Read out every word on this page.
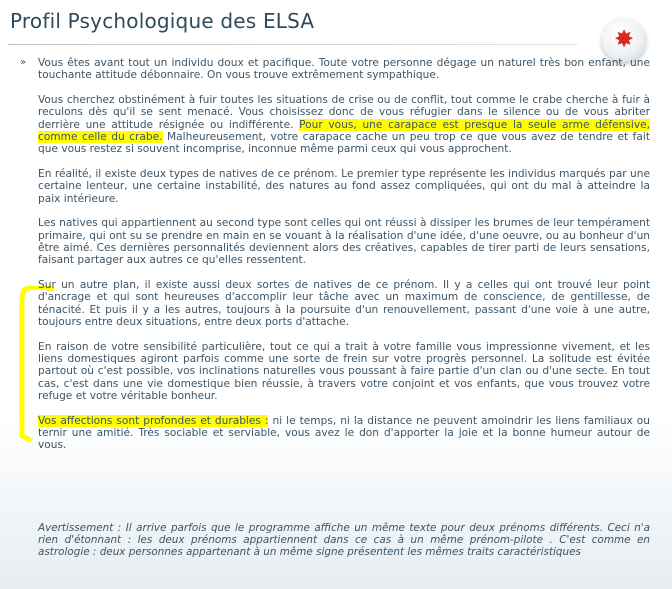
Profil Psychologique des ELSA
✸
»	Vous êtes avant tout un individu doux et pacifique. Toute votre personne dégage un naturel très bon enfant, une touchante attitude débonnaire. On vous trouve extrêmement sympathique.

Vous cherchez obstinément à fuir toutes les situations de crise ou de conflit, tout comme le crabe cherche à fuir à reculons dès qu'il se sent menacé. Vous choisissez donc de vous réfugier dans le silence ou de vous abriter derrière une attitude résignée ou indifférente. Pour vous, une carapace est presque la seule arme défensive, comme celle du crabe. Malheureusement, votre carapace cache un peu trop ce que vous avez de tendre et fait que vous restez si souvent incomprise, inconnue même parmi ceux qui vous approchent.

En réalité, il existe deux types de natives de ce prénom. Le premier type représente les individus marqués par une certaine lenteur, une certaine instabilité, des natures au fond assez compliquées, qui ont du mal à atteindre la paix intérieure.

Les natives qui appartiennent au second type sont celles qui ont réussi à dissiper les brumes de leur tempérament primaire, qui ont su se prendre en main en se vouant à la réalisation d'une idée, d'une oeuvre, ou au bonheur d'un être aimé. Ces dernières personnalités deviennent alors des créatives, capables de tirer parti de leurs sensations, faisant partager aux autres ce qu'elles ressentent.

Sur un autre plan, il existe aussi deux sortes de natives de ce prénom. Il y a celles qui ont trouvé leur point d'ancrage et qui sont heureuses d'accomplir leur tâche avec un maximum de conscience, de gentillesse, de ténacité. Et puis il y a les autres, toujours à la poursuite d'un renouvellement, passant d'une voie à une autre, toujours entre deux situations, entre deux ports d'attache.

En raison de votre sensibilité particulière, tout ce qui a trait à votre famille vous impressionne vivement, et les liens domestiques agiront parfois comme une sorte de frein sur votre progrès personnel. La solitude est évitée partout où c'est possible, vos inclinations naturelles vous poussant à faire partie d'un clan ou d'une secte. En tout cas, c'est dans une vie domestique bien réussie, à travers votre conjoint et vos enfants, que vous trouvez votre refuge et votre véritable bonheur.

Vos affections sont profondes et durables : ni le temps, ni la distance ne peuvent amoindrir les liens familiaux ou ternir une amitié. Très sociable et serviable, vous avez le don d'apporter la joie et la bonne humeur autour de vous.

Avertissement : Il arrive parfois que le programme affiche un même texte pour deux prénoms différents. Ceci n'a rien d'étonnant : les deux prénoms appartiennent dans ce cas à un même prénom-pilote . C'est comme en astrologie : deux personnes appartenant à un même signe présentent les mêmes traits caractéristiques
